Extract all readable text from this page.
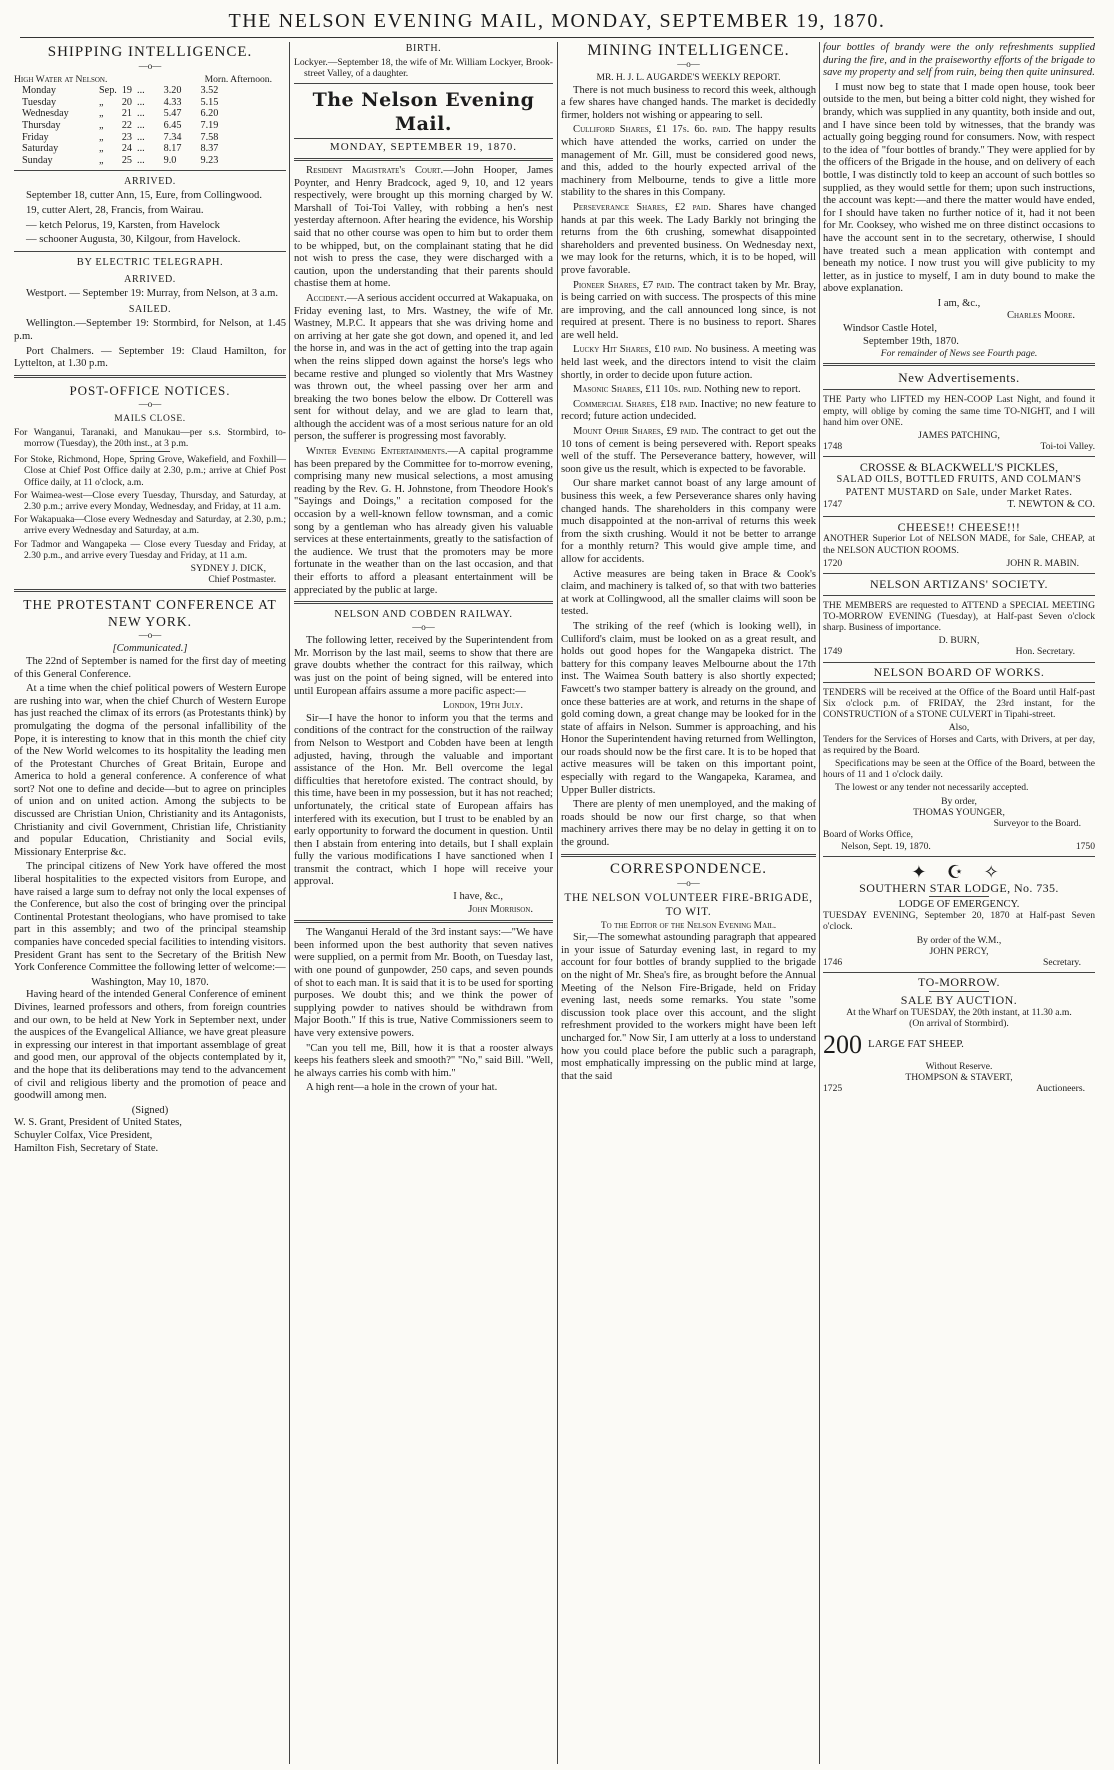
THE NELSON EVENING MAIL, MONDAY, SEPTEMBER 19, 1870.
SHIPPING INTELLIGENCE.
—o—
High Water at Nelson.	Morn. Afternoon.
Monday	Sep.	19	...	3.20	3.52
Tuesday	„	20	...	4.33	5.15
Wednesday	„	21	...	5.47	6.20
Thursday	„	22	...	6.45	7.19
Friday	„	23	...	7.34	7.58
Saturday	„	24	...	8.17	8.37
Sunday	„	25	...	9.0	9.23
ARRIVED.

September 18, cutter Ann, 15, Eure, from Collingwood.

19, cutter Alert, 28, Francis, from Wairau.

— ketch Pelorus, 19, Karsten, from Havelock

— schooner Augusta, 30, Kilgour, from Havelock.

BY ELECTRIC TELEGRAPH.
ARRIVED.

Westport. — September 19: Murray, from Nelson, at 3 a.m.

SAILED.

Wellington.—September 19: Stormbird, for Nelson, at 1.45 p.m.

Port Chalmers. — September 19: Claud Hamilton, for Lyttelton, at 1.30 p.m.

POST-OFFICE NOTICES.
—o—
MAILS CLOSE.

For Wanganui, Taranaki, and Manukau—per s.s. Stormbird, to-morrow (Tuesday), the 20th inst., at 3 p.m.

For Stoke, Richmond, Hope, Spring Grove, Wakefield, and Foxhill—Close at Chief Post Office daily at 2.30, p.m.; arrive at Chief Post Office daily, at 11 o'clock, a.m.

For Waimea-west—Close every Tuesday, Thursday, and Saturday, at 2.30 p.m.; arrive every Monday, Wednesday, and Friday, at 11 a.m.

For Wakapuaka—Close every Wednesday and Saturday, at 2.30, p.m.; arrive every Wednesday and Saturday, at a.m.

For Tadmor and Wangapeka — Close every Tuesday and Friday, at 2.30 p.m., and arrive every Tuesday and Friday, at 11 a.m.

SYDNEY J. DICK,
Chief Postmaster.
THE PROTESTANT CONFERENCE AT NEW YORK.
—o—
[Communicated.]

The 22nd of September is named for the first day of meeting of this General Conference.

At a time when the chief political powers of Western Europe are rushing into war, when the chief Church of Western Europe has just reached the climax of its errors (as Protestants think) by promulgating the dogma of the personal infallibility of the Pope, it is interesting to know that in this month the chief city of the New World welcomes to its hospitality the leading men of the Protestant Churches of Great Britain, Europe and America to hold a general conference. A conference of what sort? Not one to define and decide—but to agree on principles of union and on united action. Among the subjects to be discussed are Christian Union, Christianity and its Antagonists, Christianity and civil Government, Christian life, Christianity and popular Education, Christianity and Social evils, Missionary Enterprise &c.

The principal citizens of New York have offered the most liberal hospitalities to the expected visitors from Europe, and have raised a large sum to defray not only the local expenses of the Conference, but also the cost of bringing over the principal Continental Protestant theologians, who have promised to take part in this assembly; and two of the principal steamship companies have conceded special facilities to intending visitors. President Grant has sent to the Secretary of the British New York Conference Committee the following letter of welcome:—

Washington, May 10, 1870.

Having heard of the intended General Conference of eminent Divines, learned professors and others, from foreign countries and our own, to be held at New York in September next, under the auspices of the Evangelical Alliance, we have great pleasure in expressing our interest in that important assemblage of great and good men, our approval of the objects contemplated by it, and the hope that its deliberations may tend to the advancement of civil and religious liberty and the promotion of peace and goodwill among men.

(Signed)
W. S. Grant, President of United States,
Schuyler Colfax, Vice President,
Hamilton Fish, Secretary of State.
BIRTH.

Lockyer.—September 18, the wife of Mr. William Lockyer, Brook-street Valley, of a daughter.

The Nelson Evening Mail.
MONDAY, SEPTEMBER 19, 1870.

Resident Magistrate's Court.—John Hooper, James Poynter, and Henry Bradcock, aged 9, 10, and 12 years respectively, were brought up this morning charged by W. Marshall of Toi-Toi Valley, with robbing a hen's nest yesterday afternoon. After hearing the evidence, his Worship said that no other course was open to him but to order them to be whipped, but, on the complainant stating that he did not wish to press the case, they were discharged with a caution, upon the understanding that their parents should chastise them at home.

Accident.—A serious accident occurred at Wakapuaka, on Friday evening last, to Mrs. Wastney, the wife of Mr. Wastney, M.P.C. It appears that she was driving home and on arriving at her gate she got down, and opened it, and led the horse in, and was in the act of getting into the trap again when the reins slipped down against the horse's legs who became restive and plunged so violently that Mrs Wastney was thrown out, the wheel passing over her arm and breaking the two bones below the elbow. Dr Cotterell was sent for without delay, and we are glad to learn that, although the accident was of a most serious nature for an old person, the sufferer is progressing most favorably.

Winter Evening Entertainments.—A capital programme has been prepared by the Committee for to-morrow evening, comprising many new musical selections, a most amusing reading by the Rev. G. H. Johnstone, from Theodore Hook's "Sayings and Doings," a recitation composed for the occasion by a well-known fellow townsman, and a comic song by a gentleman who has already given his valuable services at these entertainments, greatly to the satisfaction of the audience. We trust that the promoters may be more fortunate in the weather than on the last occasion, and that their efforts to afford a pleasant entertainment will be appreciated by the public at large.

NELSON AND COBDEN RAILWAY.
—o—

The following letter, received by the Superintendent from Mr. Morrison by the last mail, seems to show that there are grave doubts whether the contract for this railway, which was just on the point of being signed, will be entered into until European affairs assume a more pacific aspect:—

London, 19th July.

Sir—I have the honor to inform you that the terms and conditions of the contract for the construction of the railway from Nelson to Westport and Cobden have been at length adjusted, having, through the valuable and important assistance of the Hon. Mr. Bell overcome the legal difficulties that heretofore existed. The contract should, by this time, have been in my possession, but it has not reached; unfortunately, the critical state of European affairs has interfered with its execution, but I trust to be enabled by an early opportunity to forward the document in question. Until then I abstain from entering into details, but I shall explain fully the various modifications I have sanctioned when I transmit the contract, which I hope will receive your approval.

I have, &c.,
John Morrison.

The Wanganui Herald of the 3rd instant says:—"We have been informed upon the best authority that seven natives were supplied, on a permit from Mr. Booth, on Tuesday last, with one pound of gunpowder, 250 caps, and seven pounds of shot to each man. It is said that it is to be used for sporting purposes. We doubt this; and we think the power of supplying powder to natives should be withdrawn from Major Booth." If this is true, Native Commissioners seem to have very extensive powers.

"Can you tell me, Bill, how it is that a rooster always keeps his feathers sleek and smooth?" "No," said Bill. "Well, he always carries his comb with him."

A high rent—a hole in the crown of your hat.

MINING INTELLIGENCE.
—o—
MR. H. J. L. AUGARDE'S WEEKLY REPORT.

There is not much business to record this week, although a few shares have changed hands. The market is decidedly firmer, holders not wishing or appearing to sell.

Culliford Shares, £1 17s. 6d. paid. The happy results which have attended the works, carried on under the management of Mr. Gill, must be considered good news, and this, added to the hourly expected arrival of the machinery from Melbourne, tends to give a little more stability to the shares in this Company.

Perseverance Shares, £2 paid. Shares have changed hands at par this week. The Lady Barkly not bringing the returns from the 6th crushing, somewhat disappointed shareholders and prevented business. On Wednesday next, we may look for the returns, which, it is to be hoped, will prove favorable.

Pioneer Shares, £7 paid. The contract taken by Mr. Bray, is being carried on with success. The prospects of this mine are improving, and the call announced long since, is not required at present. There is no business to report. Shares are well held.

Lucky Hit Shares, £10 paid. No business. A meeting was held last week, and the directors intend to visit the claim shortly, in order to decide upon future action.

Masonic Shares, £11 10s. paid. Nothing new to report.

Commercial Shares, £18 paid. Inactive; no new feature to record; future action undecided.

Mount Ophir Shares, £9 paid. The contract to get out the 10 tons of cement is being persevered with. Report speaks well of the stuff. The Perseverance battery, however, will soon give us the result, which is expected to be favorable.

Our share market cannot boast of any large amount of business this week, a few Perseverance shares only having changed hands. The shareholders in this company were much disappointed at the non-arrival of returns this week from the sixth crushing. Would it not be better to arrange for a monthly return? This would give ample time, and allow for accidents.

Active measures are being taken in Brace & Cook's claim, and machinery is talked of, so that with two batteries at work at Collingwood, all the smaller claims will soon be tested.

The striking of the reef (which is looking well), in Culliford's claim, must be looked on as a great result, and holds out good hopes for the Wangapeka district. The battery for this company leaves Melbourne about the 17th inst. The Waimea South battery is also shortly expected; Fawcett's two stamper battery is already on the ground, and once these batteries are at work, and returns in the shape of gold coming down, a great change may be looked for in the state of affairs in Nelson. Summer is approaching, and his Honor the Superintendent having returned from Wellington, our roads should now be the first care. It is to be hoped that active measures will be taken on this important point, especially with regard to the Wangapeka, Karamea, and Upper Buller districts.

There are plenty of men unemployed, and the making of roads should be now our first charge, so that when machinery arrives there may be no delay in getting it on to the ground.

CORRESPONDENCE.
—o—
THE NELSON VOLUNTEER FIRE-BRIGADE, TO WIT.
To the Editor of the Nelson Evening Mail.

Sir,—The somewhat astounding paragraph that appeared in your issue of Saturday evening last, in regard to my account for four bottles of brandy supplied to the brigade on the night of Mr. Shea's fire, as brought before the Annual Meeting of the Nelson Fire-Brigade, held on Friday evening last, needs some remarks. You state "some discussion took place over this account, and the slight refreshment provided to the workers might have been left uncharged for." Now Sir, I am utterly at a loss to understand how you could place before the public such a paragraph, most emphatically impressing on the public mind at large, that the said

four bottles of brandy were the only refreshments supplied during the fire, and in the praiseworthy efforts of the brigade to save my property and self from ruin, being then quite uninsured.

I must now beg to state that I made open house, took beer outside to the men, but being a bitter cold night, they wished for brandy, which was supplied in any quantity, both inside and out, and I have since been told by witnesses, that the brandy was actually going begging round for consumers. Now, with respect to the idea of "four bottles of brandy." They were applied for by the officers of the Brigade in the house, and on delivery of each bottle, I was distinctly told to keep an account of such bottles so supplied, as they would settle for them; upon such instructions, the account was kept:—and there the matter would have ended, for I should have taken no further notice of it, had it not been for Mr. Cooksey, who wished me on three distinct occasions to have the account sent in to the secretary, otherwise, I should have treated such a mean application with contempt and beneath my notice. I now trust you will give publicity to my letter, as in justice to myself, I am in duty bound to make the above explanation.

I am, &c.,
Charles Moore.
Windsor Castle Hotel,
September 19th, 1870.
For remainder of News see Fourth page.
New Advertisements.

THE Party who LIFTED my HEN-COOP Last Night, and found it empty, will oblige by coming the same time TO-NIGHT, and I will hand him over ONE.

JAMES PATCHING,
1748	Toi-toi Valley.
CROSSE & BLACKWELL'S PICKLES,
SALAD OILS, BOTTLED FRUITS, AND COLMAN'S PATENT MUSTARD on Sale, under Market Rates.
1747	T. NEWTON & CO.
CHEESE!! CHEESE!!!

ANOTHER Superior Lot of NELSON MADE, for Sale, CHEAP, at the NELSON AUCTION ROOMS.

1720	JOHN R. MABIN.
NELSON ARTIZANS' SOCIETY.

THE MEMBERS are requested to ATTEND a SPECIAL MEETING TO-MORROW EVENING (Tuesday), at Half-past Seven o'clock sharp. Business of importance.

D. BURN,
1749	Hon. Secretary.
NELSON BOARD OF WORKS.

TENDERS will be received at the Office of the Board until Half-past Six o'clock p.m. of FRIDAY, the 23rd instant, for the CONSTRUCTION of a STONE CULVERT in Tipahi-street.

Also,

Tenders for the Services of Horses and Carts, with Drivers, at per day, as required by the Board.

Specifications may be seen at the Office of the Board, between the hours of 11 and 1 o'clock daily.

The lowest or any tender not necessarily accepted.

By order,
THOMAS YOUNGER,
Surveyor to the Board.
Board of Works Office,
Nelson, Sept. 19, 1870.	1750
✦ ☪ ✧
SOUTHERN STAR LODGE, No. 735.
LODGE OF EMERGENCY.

TUESDAY EVENING, September 20, 1870 at Half-past Seven o'clock.

By order of the W.M.,
JOHN PERCY,
1746	Secretary.
TO-MORROW.
SALE BY AUCTION.
At the Wharf on TUESDAY, the 20th instant, at 11.30 a.m.
(On arrival of Stormbird).
200 LARGE FAT SHEEP.
Without Reserve.
THOMPSON & STAVERT,
1725	Auctioneers.
